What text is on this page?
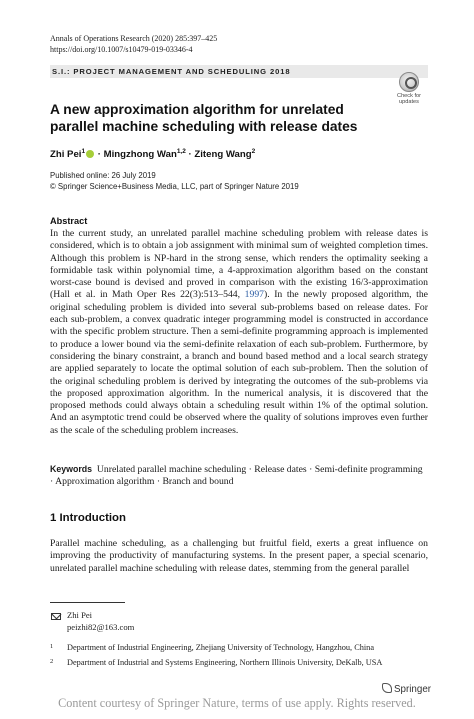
Annals of Operations Research (2020) 285:397–425
https://doi.org/10.1007/s10479-019-03346-4
S.I.: PROJECT MANAGEMENT AND SCHEDULING 2018
Check for
updates
A new approximation algorithm for unrelated parallel machine scheduling with release dates
Zhi Pei$^1$ · Mingzhong Wan$^{1,2}$ · Ziteng Wang$^2$
Published online: 26 July 2019
© Springer Science+Business Media, LLC, part of Springer Nature 2019
Abstract

In the current study, an unrelated parallel machine scheduling problem with release dates is considered, which is to obtain a job assignment with minimal sum of weighted completion times. Although this problem is NP-hard in the strong sense, which renders the optimality seeking a formidable task within polynomial time, a 4-approximation algorithm based on the constant worst-case bound is devised and proved in comparison with the existing 16/3-approximation (Hall et al. in Math Oper Res 22(3):513–544, 1997). In the newly proposed algorithm, the original scheduling problem is divided into several sub-problems based on release dates. For each sub-problem, a convex quadratic integer programming model is constructed in accordance with the specific problem structure. Then a semi-definite programming approach is implemented to produce a lower bound via the semi-definite relaxation of each sub-problem. Furthermore, by considering the binary constraint, a branch and bound based method and a local search strategy are applied separately to locate the optimal solution of each sub-problem. Then the solution of the original scheduling problem is derived by integrating the outcomes of the sub-problems via the proposed approximation algorithm. In the numerical analysis, it is discovered that the proposed methods could always obtain a scheduling result within 1% of the optimal solution. And an asymptotic trend could be observed where the quality of solutions improves even further as the scale of the scheduling problem increases.

Keywords Unrelated parallel machine scheduling · Release dates · Semi-definite programming · Approximation algorithm · Branch and bound

1 Introduction

Parallel machine scheduling, as a challenging but fruitful field, exerts a great influence on improving the productivity of manufacturing systems. In the present paper, a special scenario, unrelated parallel machine scheduling with release dates, stemming from the general parallel

Zhi Pei
peizhi82@163.com
1 Department of Industrial Engineering, Zhejiang University of Technology, Hangzhou, China
2 Department of Industrial and Systems Engineering, Northern Illinois University, DeKalb, USA
Springer
Content courtesy of Springer Nature, terms of use apply. Rights reserved.
